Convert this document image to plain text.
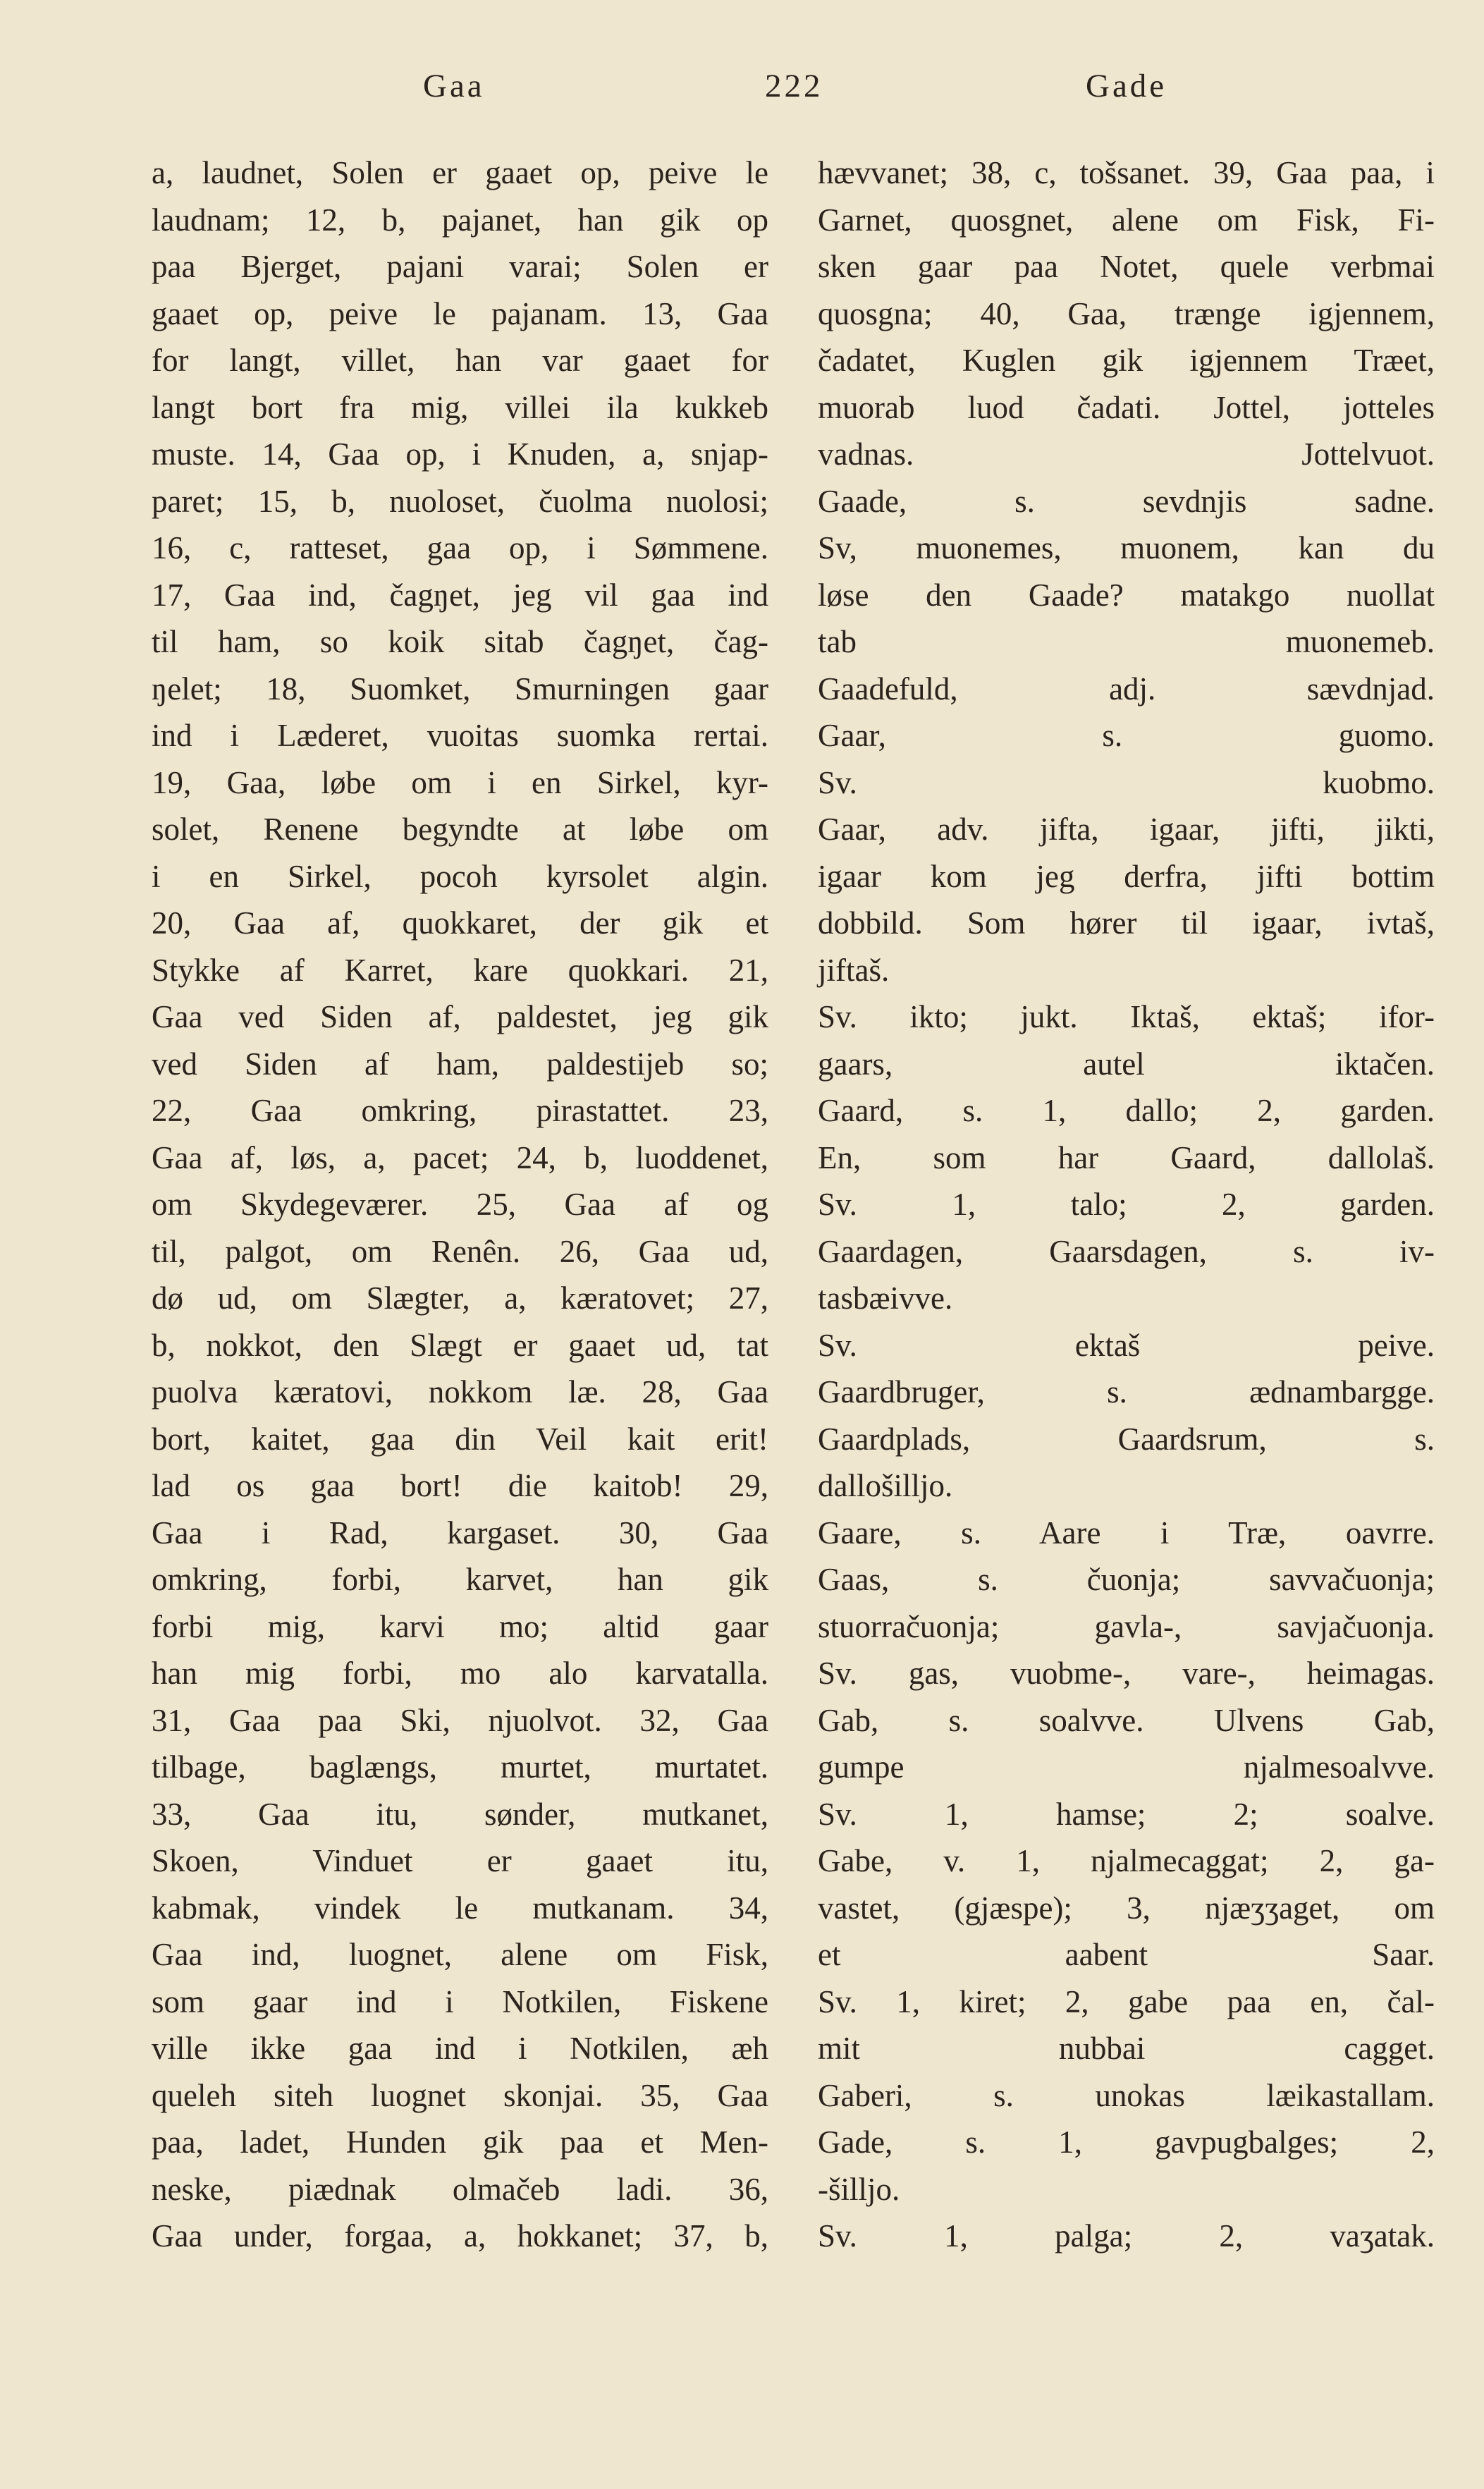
Gaa	222	Gade
a, laudnet, Solen er gaaet op, peive le
laudnam; 12, b, pajanet, han gik op
paa Bjerget, pajani varai; Solen er
gaaet op, peive le pajanam. 13, Gaa
for langt, villet, han var gaaet for
langt bort fra mig, villei ila kukkeb
muste. 14, Gaa op, i Knuden, a, snjap-
paret; 15, b, nuoloset, čuolma nuolosi;
16, c, ratteset, gaa op, i Sømmene.
17, Gaa ind, čagŋet, jeg vil gaa ind
til ham, so koik sitab čagŋet, čag-
ŋelet; 18, Suomket, Smurningen gaar
ind i Læderet, vuoitas suomka rertai.
19, Gaa, løbe om i en Sirkel, kyr-
solet, Renene begyndte at løbe om
i en Sirkel, pocoh kyrsolet algin.
20, Gaa af, quokkaret, der gik et
Stykke af Karret, kare quokkari. 21,
Gaa ved Siden af, paldestet, jeg gik
ved Siden af ham, paldestijeb so;
22, Gaa omkring, pirastattet. 23,
Gaa af, løs, a, pacet; 24, b, luoddenet,
om Skydegeværer. 25, Gaa af og
til, palgot, om Renên. 26, Gaa ud,
dø ud, om Slægter, a, kæratovet; 27,
b, nokkot, den Slægt er gaaet ud, tat
puolva kæratovi, nokkom læ. 28, Gaa
bort, kaitet, gaa din Veil kait erit!
lad os gaa bort! die kaitob! 29,
Gaa i Rad, kargaset. 30, Gaa
omkring, forbi, karvet, han gik
forbi mig, karvi mo; altid gaar
han mig forbi, mo alo karvatalla.
31, Gaa paa Ski, njuolvot. 32, Gaa
tilbage, baglængs, murtet, murtatet.
33, Gaa itu, sønder, mutkanet,
Skoen, Vinduet er gaaet itu,
kabmak, vindek le mutkanam. 34,
Gaa ind, luognet, alene om Fisk,
som gaar ind i Notkilen, Fiskene
ville ikke gaa ind i Notkilen, æh
queleh siteh luognet skonjai. 35, Gaa
paa, ladet, Hunden gik paa et Men-
neske, piædnak olmačeb ladi. 36,
Gaa under, forgaa, a, hokkanet; 37, b,
hævvanet; 38, c, tošsanet. 39, Gaa paa, i
Garnet, quosgnet, alene om Fisk, Fi-
sken gaar paa Notet, quele verbmai
quosgna; 40, Gaa, trænge igjennem,
čadatet, Kuglen gik igjennem Træet,
muorab luod čadati. Jottel, jotteles
vadnas. Jottelvuot.
Gaade, s. sevdnjis sadne.
Sv, muonemes, muonem, kan du
løse den Gaade? matakgo nuollat
tab muonemeb.
Gaadefuld, adj. sævdnjad.
Gaar, s. guomo.
Sv. kuobmo.
Gaar, adv. jifta, igaar, jifti, jikti,
igaar kom jeg derfra, jifti bottim
dobbild. Som hører til igaar, ivtaš,
jiftaš.
Sv. ikto; jukt. Iktaš, ektaš; ifor-
gaars, autel iktačen.
Gaard, s. 1, dallo; 2, garden.
En, som har Gaard, dallolaš.
Sv. 1, talo; 2, garden.
Gaardagen, Gaarsdagen, s. iv-
tasbæivve.
Sv. ektaš peive.
Gaardbruger, s. ædnambargge.
Gaardplads, Gaardsrum, s.
dallošilljo.
Gaare, s. Aare i Træ, oavrre.
Gaas, s. čuonja; savvačuonja;
stuorračuonja; gavla-, savjačuonja.
Sv. gas, vuobme-, vare-, heimagas.
Gab, s. soalvve. Ulvens Gab,
gumpe njalmesoalvve.
Sv. 1, hamse; 2; soalve.
Gabe, v. 1, njalmecaggat; 2, ga-
vastet, (gjæspe); 3, njæʒʒaget, om
et aabent Saar.
Sv. 1, kiret; 2, gabe paa en, čal-
mit nubbai cagget.
Gaberi, s. unokas læikastallam.
Gade, s. 1, gavpugbalges; 2,
-šilljo.
Sv. 1, palga; 2, vaʒatak.
